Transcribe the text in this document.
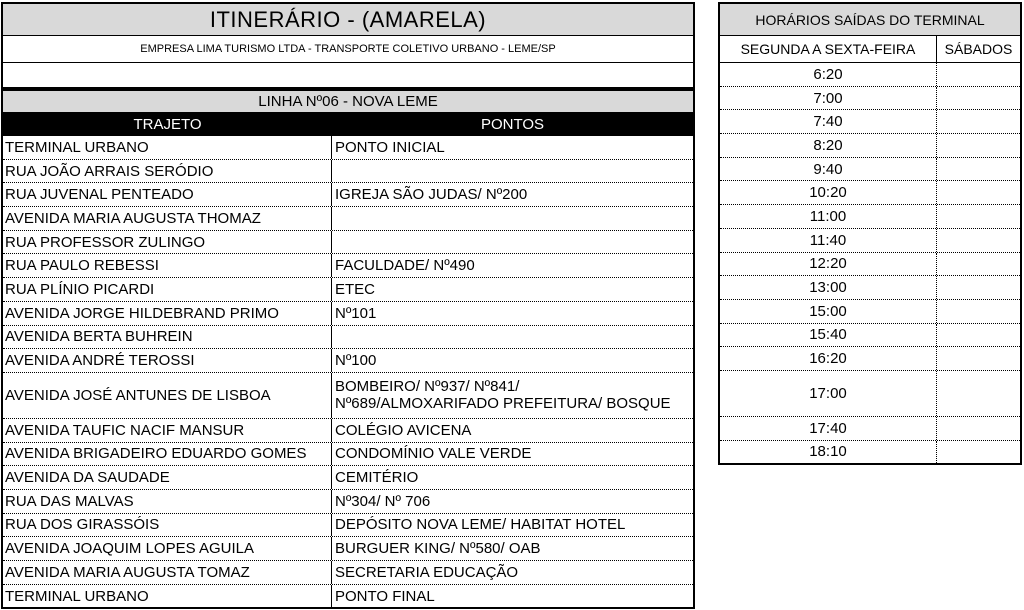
ITINERÁRIO - (AMARELA)
EMPRESA LIMA TURISMO LTDA - TRANSPORTE COLETIVO URBANO - LEME/SP
LINHA Nº06 - NOVA LEME
TRAJETO	PONTOS
TERMINAL URBANO	PONTO INICIAL
RUA JOÃO ARRAIS SERÓDIO
RUA JUVENAL PENTEADO	IGREJA SÃO JUDAS/ Nº200
AVENIDA MARIA AUGUSTA THOMAZ
RUA PROFESSOR ZULINGO
RUA PAULO REBESSI	FACULDADE/ Nº490
RUA PLÍNIO PICARDI	ETEC
AVENIDA JORGE HILDEBRAND PRIMO	Nº101
AVENIDA BERTA BUHREIN
AVENIDA ANDRÉ TEROSSI	Nº100
AVENIDA JOSÉ ANTUNES DE LISBOA	BOMBEIRO/ Nº937/ Nº841/
Nº689/ALMOXARIFADO PREFEITURA/ BOSQUE
AVENIDA TAUFIC NACIF MANSUR	COLÉGIO AVICENA
AVENIDA BRIGADEIRO EDUARDO GOMES	CONDOMÍNIO VALE VERDE
AVENIDA DA SAUDADE	CEMITÉRIO
RUA DAS MALVAS	Nº304/ Nº 706
RUA DOS GIRASSÓIS	DEPÓSITO NOVA LEME/ HABITAT HOTEL
AVENIDA JOAQUIM LOPES AGUILA	BURGUER KING/ Nº580/ OAB
AVENIDA MARIA AUGUSTA TOMAZ	SECRETARIA EDUCAÇÃO
TERMINAL URBANO	PONTO FINAL
HORÁRIOS SAÍDAS DO TERMINAL
SEGUNDA A SEXTA-FEIRA	SÁBADOS
6:20
7:00
7:40
8:20
9:40
10:20
11:00
11:40
12:20
13:00
15:00
15:40
16:20
17:00
17:40
18:10
